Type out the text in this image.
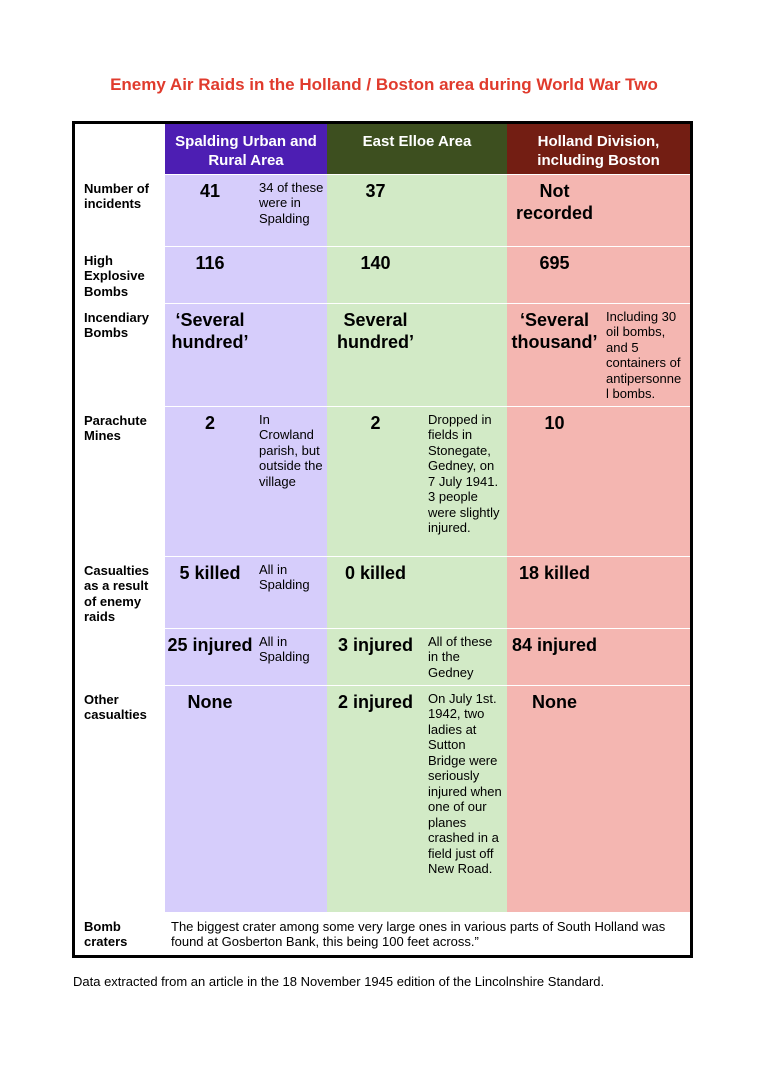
Enemy Air Raids in the Holland / Boston area during World War Two
	Spalding Urban and Rural Area		East Elloe Area		Holland Division, including Boston	
Number of incidents	41	34 of these were in Spalding	37		Not recorded	
High Explosive Bombs	116		140		695	
Incendiary Bombs	‘Several hundred’		Several hundred’		‘Several thousand’	Including 30 oil bombs, and 5 containers of antipersonne l bombs.
Parachute Mines	2	In Crowland parish, but outside the village	2	Dropped in fields in Stonegate, Gedney, on 7 July 1941. 3 people were slightly injured.	10	
Casualties as a result of enemy raids	5 killed	All in Spalding	0 killed		18 killed	
	25 injured	All in Spalding	3 injured	All of these in the Gedney	84 injured	
Other casualties	None		2 injured	On July 1st. 1942, two ladies at Sutton Bridge were seriously injured when one of our planes crashed in a field just off New Road.	None	
Bomb craters	The biggest crater among some very large ones in various parts of South Holland was found at Gosberton Bank, this being 100 feet across.”					
Data extracted from an article in the 18 November 1945 edition of the Lincolnshire Standard.
